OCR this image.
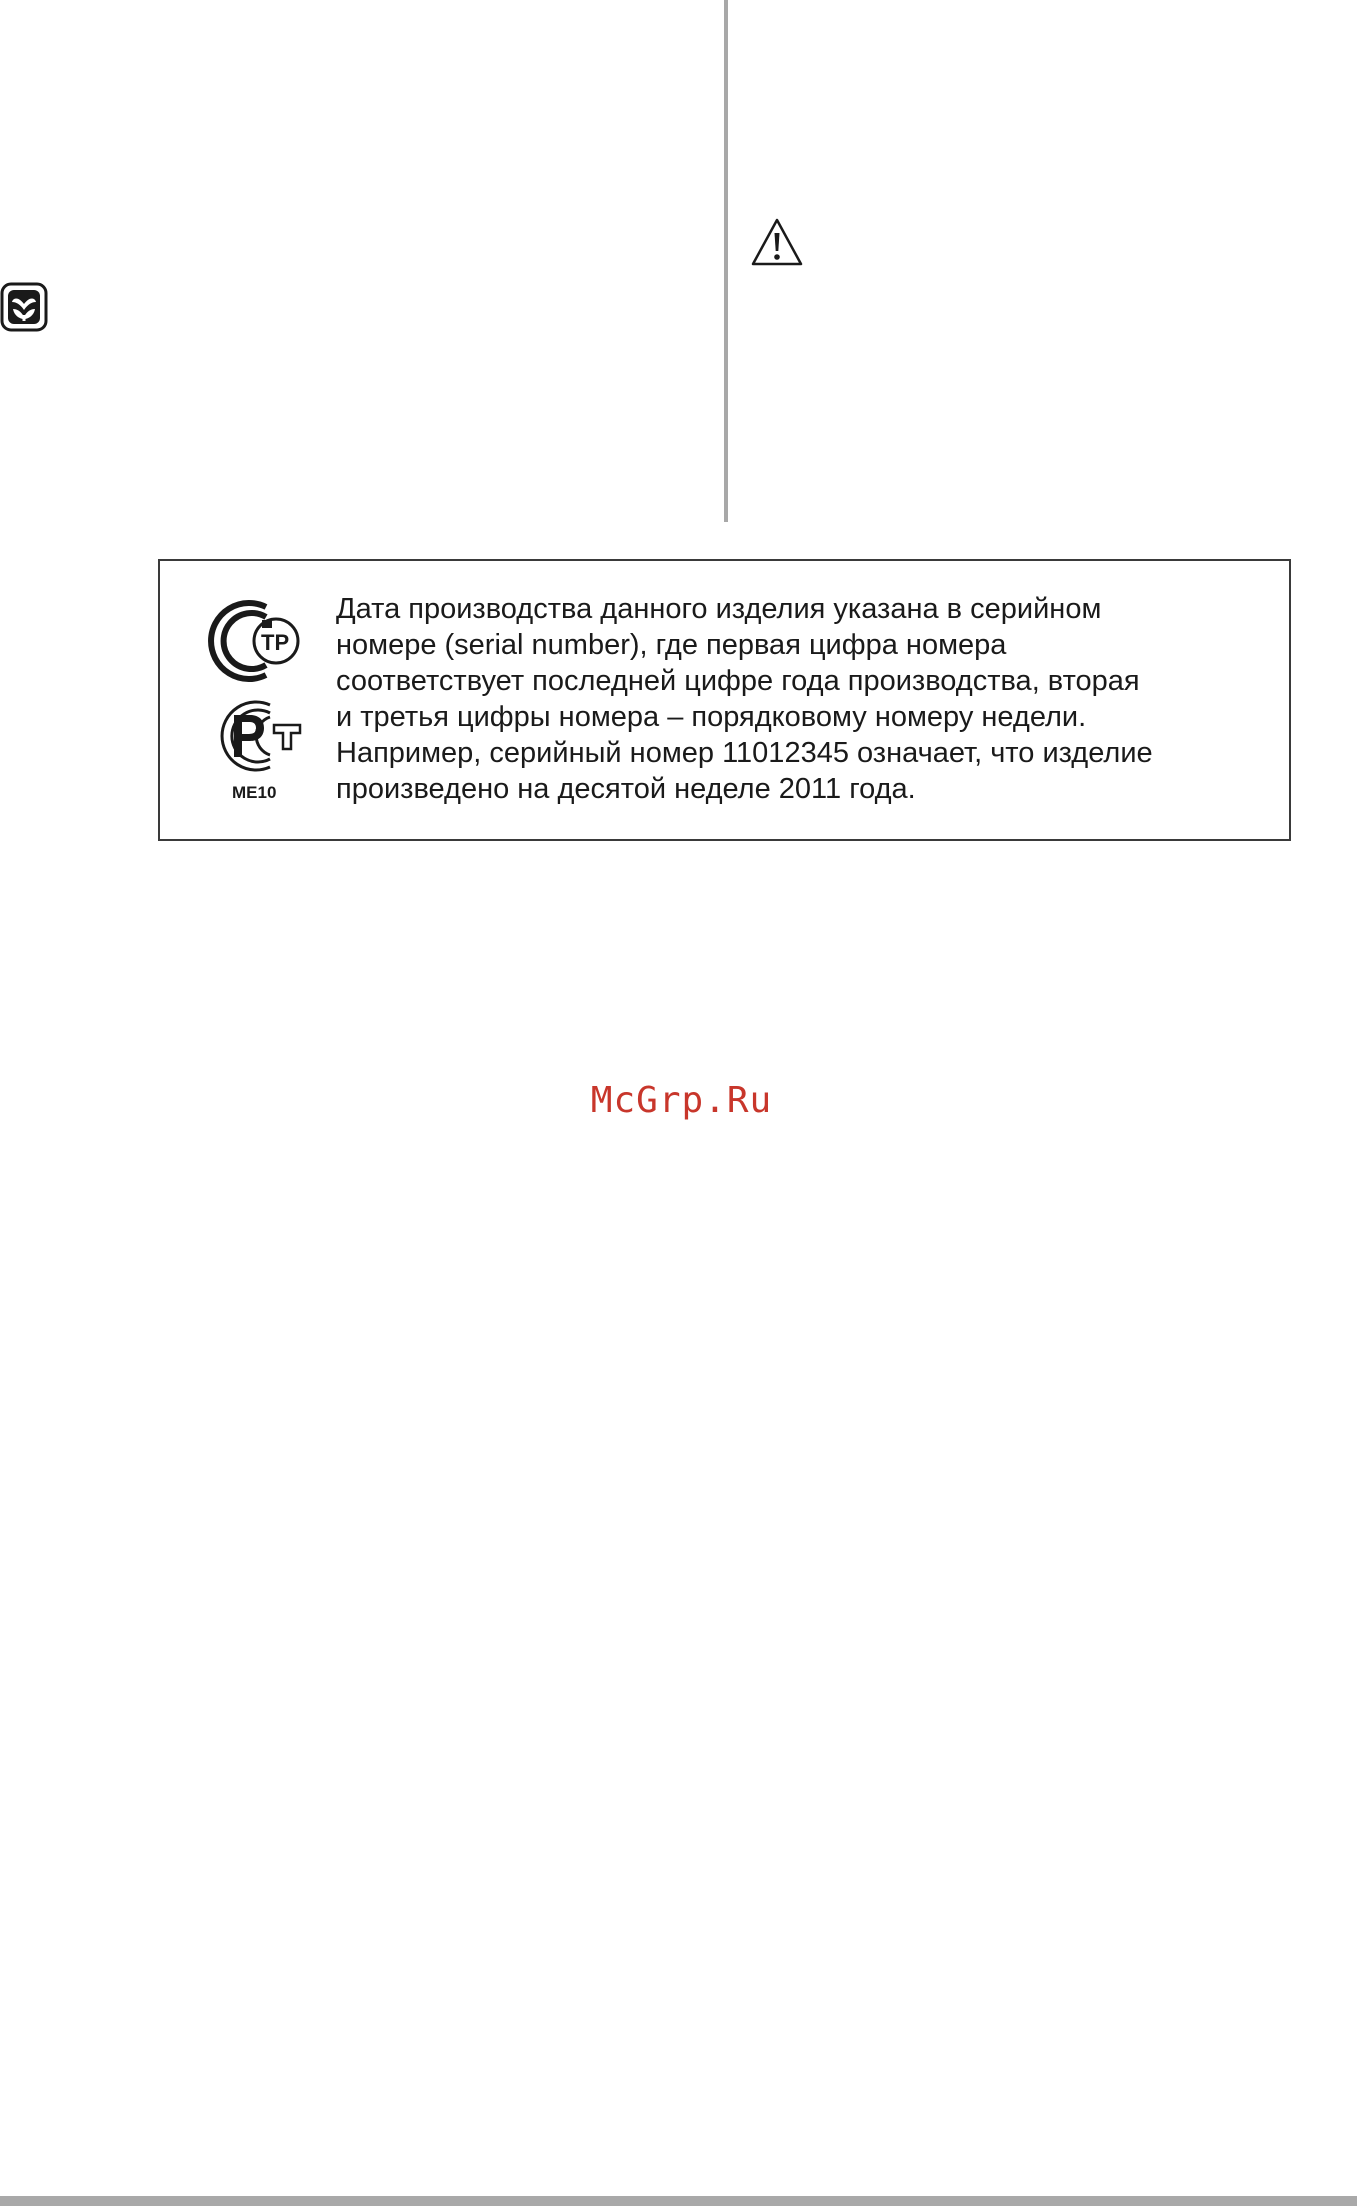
ТР
ME10
Дата производства данного изделия указана в серийном
номере (serial number), где первая цифра номера
соответствует последней цифре года производства, вторая
и третья цифры номера – порядковому номеру недели.
Например, серийный номер 11012345 означает, что изделие
произведено на десятой неделе 2011 года.
McGrp.Ru
